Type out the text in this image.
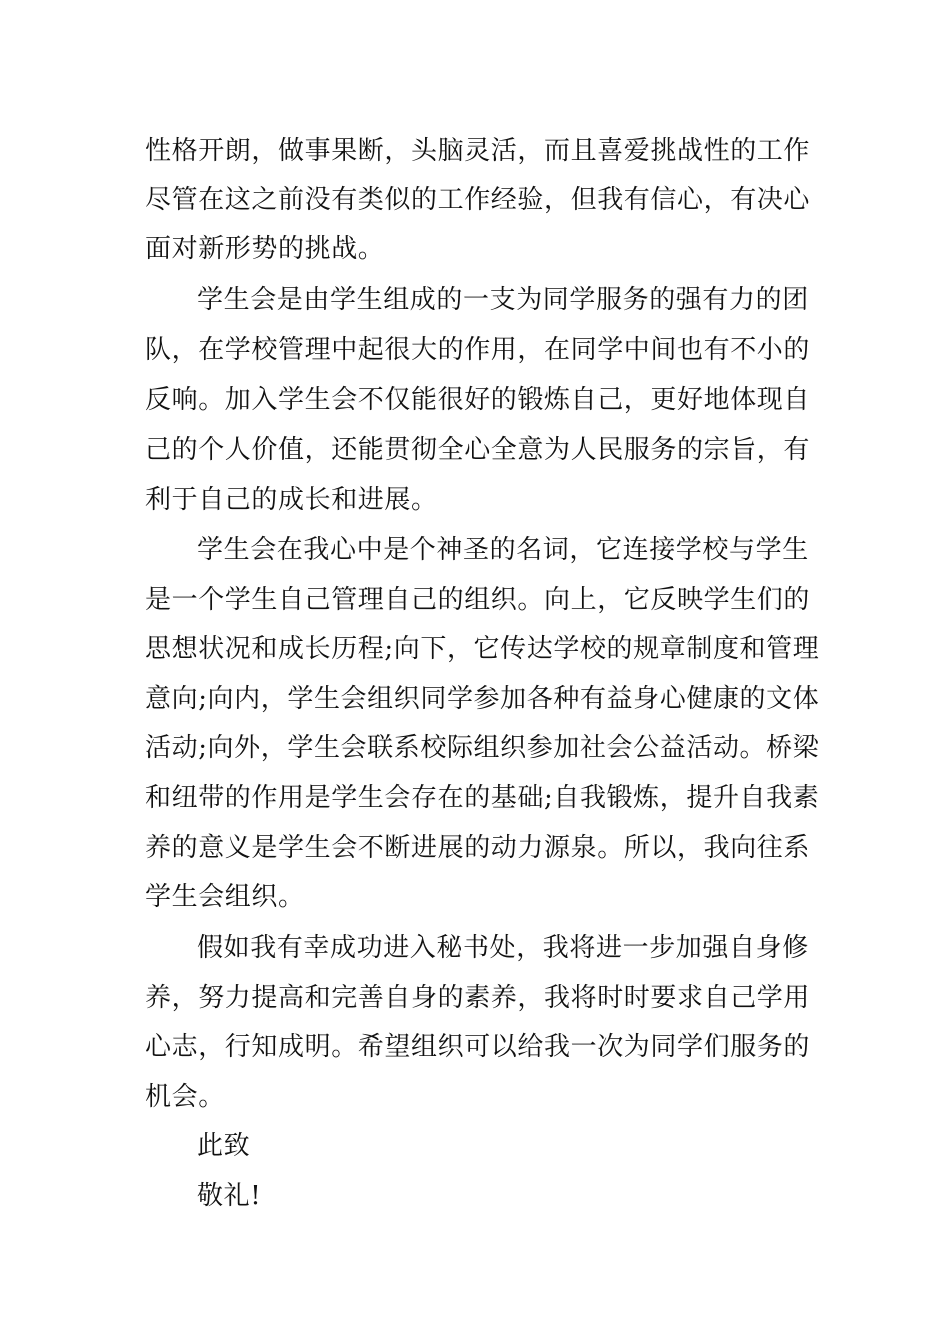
性格开朗，做事果断，头脑灵活，而且喜爱挑战性的工作
尽管在这之前没有类似的工作经验，但我有信心，有决心
面对新形势的挑战。
学生会是由学生组成的一支为同学服务的强有力的团
队，在学校管理中起很大的作用，在同学中间也有不小的
反响。加入学生会不仅能很好的锻炼自己，更好地体现自
己的个人价值，还能贯彻全心全意为人民服务的宗旨，有
利于自己的成长和进展。
学生会在我心中是个神圣的名词，它连接学校与学生
是一个学生自己管理自己的组织。向上，它反映学生们的
思想状况和成长历程;向下，它传达学校的规章制度和管理
意向;向内，学生会组织同学参加各种有益身心健康的文体
活动;向外，学生会联系校际组织参加社会公益活动。桥梁
和纽带的作用是学生会存在的基础;自我锻炼，提升自我素
养的意义是学生会不断进展的动力源泉。所以，我向往系
学生会组织。
假如我有幸成功进入秘书处，我将进一步加强自身修
养，努力提高和完善自身的素养，我将时时要求自己学用
心志，行知成明。希望组织可以给我一次为同学们服务的
机会。
此致
敬礼!
